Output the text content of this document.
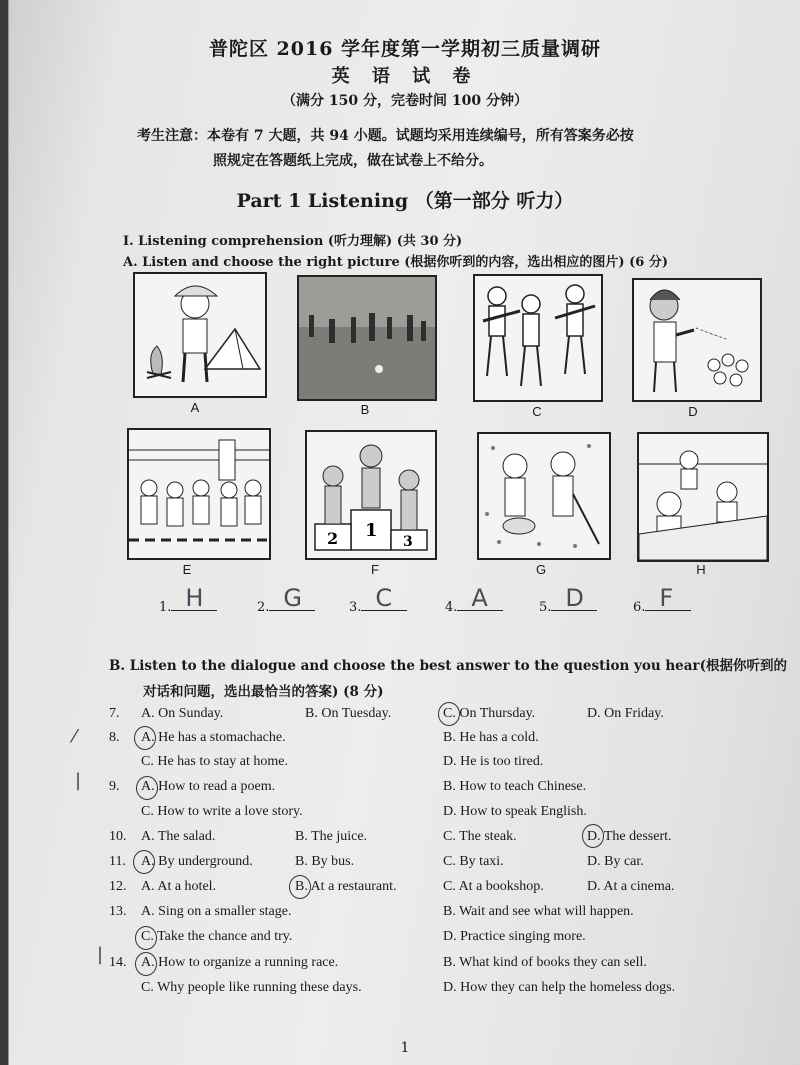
普陀区 2016 学年度第一学期初三质量调研
英 语 试 卷
（满分 150 分，完卷时间 100 分钟）
考生注意：本卷有 7 大题，共 94 小题。试题均采用连续编号，所有答案务必按
照规定在答题纸上完成，做在试卷上不给分。
Part 1 Listening （第一部分 听力）
I. Listening comprehension (听力理解) (共 30 分)
A. Listen and choose the right picture (根据你听到的内容，选出相应的图片) (6 分)
A	B	C	D
1
2	3
E	F	G	H
1. H	2. G	3. C	4. A	5. D	6. F
B. Listen to the dialogue and choose the best answer to the question you hear(根据你听到的
对话和问题，选出最恰当的答案) (8 分)
7. A. On Sunday.	B. On Tuesday.	C. On Thursday.	D. On Friday.
8. A. He has a stomachache.	B. He has a cold.
C. He has to stay at home.	D. He is too tired.
9. A. How to read a poem.	B. How to teach Chinese.
C. How to write a love story.	D. How to speak English.
10. A. The salad.	B. The juice.	C. The steak.	D. The dessert.
11. A. By underground.	B. By bus.	C. By taxi.	D. By car.
12. A. At a hotel.	B. At a restaurant.	C. At a bookshop.	D. At a cinema.
13. A. Sing on a smaller stage.	B. Wait and see what will happen.
C. Take the chance and try.	D. Practice singing more.
14. A. How to organize a running race.	B. What kind of books they can sell.
C. Why people like running these days.	D. How they can help the homeless dogs.
⁄
|
|
1
